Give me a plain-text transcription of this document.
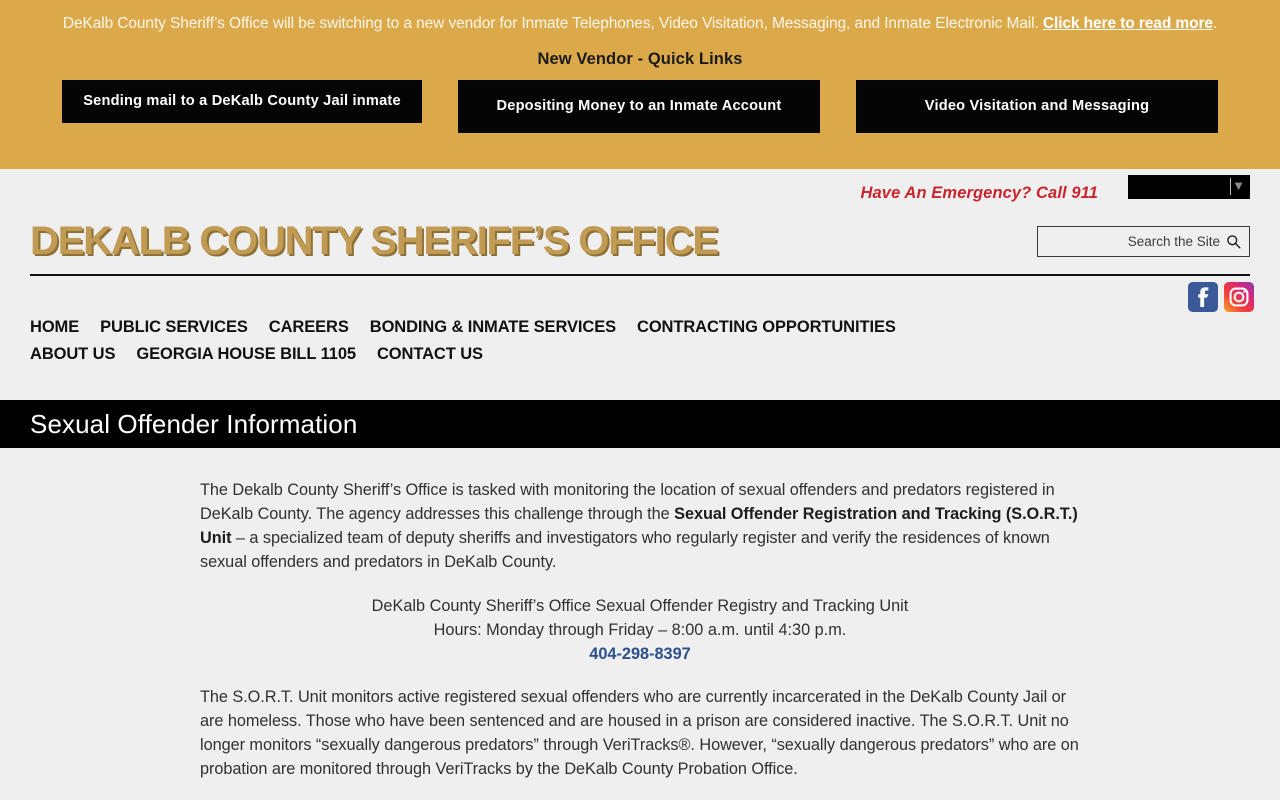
DeKalb County Sheriff’s Office will be switching to a new vendor for Inmate Telephones, Video Visitation, Messaging, and Inmate Electronic Mail. Click here to read more.
New Vendor - Quick Links
Sending mail to a DeKalb County Jail inmate	Depositing Money to an Inmate Account	Video Visitation and Messaging
Have An Emergency? Call 911	▼
DEKALB COUNTY SHERIFF’S OFFICE
Search the Site
HOME PUBLIC SERVICES CAREERS BONDING & INMATE SERVICES CONTRACTING OPPORTUNITIES
ABOUT US GEORGIA HOUSE BILL 1105 CONTACT US
Sexual Offender Information

The Dekalb County Sheriff’s Office is tasked with monitoring the location of sexual offenders and predators registered in DeKalb County. The agency addresses this challenge through the Sexual Offender Registration and Tracking (S.O.R.T.) Unit – a specialized team of deputy sheriffs and investigators who regularly register and verify the residences of known sexual offenders and predators in DeKalb County.

DeKalb County Sheriff’s Office Sexual Offender Registry and Tracking Unit
Hours: Monday through Friday – 8:00 a.m. until 4:30 p.m.
404-298-8397

The S.O.R.T. Unit monitors active registered sexual offenders who are currently incarcerated in the DeKalb County Jail or are homeless. Those who have been sentenced and are housed in a prison are considered inactive. The S.O.R.T. Unit no longer monitors “sexually dangerous predators” through VeriTracks®. However, “sexually dangerous predators” who are on probation are monitored through VeriTracks by the DeKalb County Probation Office.
